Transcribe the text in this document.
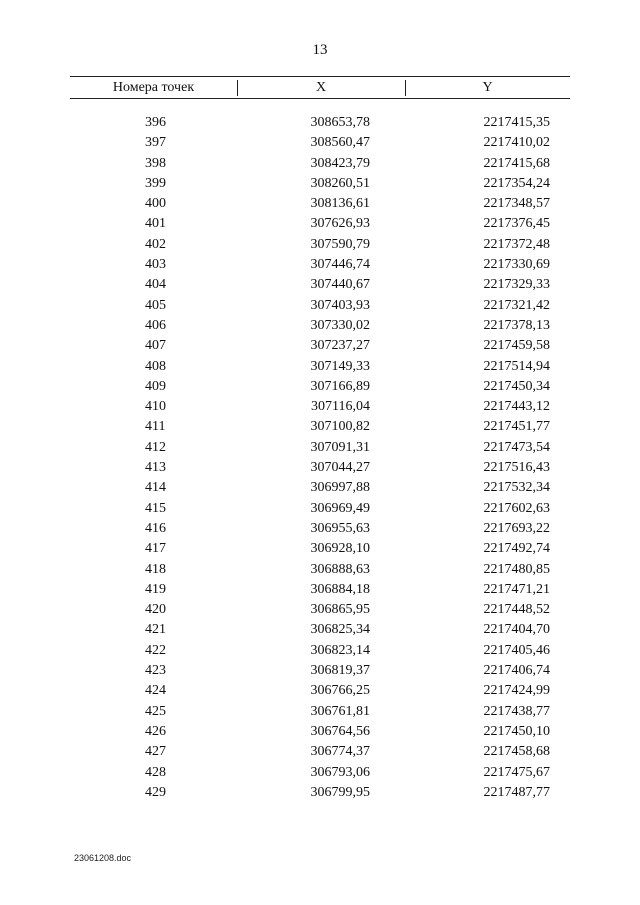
13
Номера точек	X	Y
396	308653,78	2217415,35
397	308560,47	2217410,02
398	308423,79	2217415,68
399	308260,51	2217354,24
400	308136,61	2217348,57
401	307626,93	2217376,45
402	307590,79	2217372,48
403	307446,74	2217330,69
404	307440,67	2217329,33
405	307403,93	2217321,42
406	307330,02	2217378,13
407	307237,27	2217459,58
408	307149,33	2217514,94
409	307166,89	2217450,34
410	307116,04	2217443,12
411	307100,82	2217451,77
412	307091,31	2217473,54
413	307044,27	2217516,43
414	306997,88	2217532,34
415	306969,49	2217602,63
416	306955,63	2217693,22
417	306928,10	2217492,74
418	306888,63	2217480,85
419	306884,18	2217471,21
420	306865,95	2217448,52
421	306825,34	2217404,70
422	306823,14	2217405,46
423	306819,37	2217406,74
424	306766,25	2217424,99
425	306761,81	2217438,77
426	306764,56	2217450,10
427	306774,37	2217458,68
428	306793,06	2217475,67
429	306799,95	2217487,77
23061208.doc
